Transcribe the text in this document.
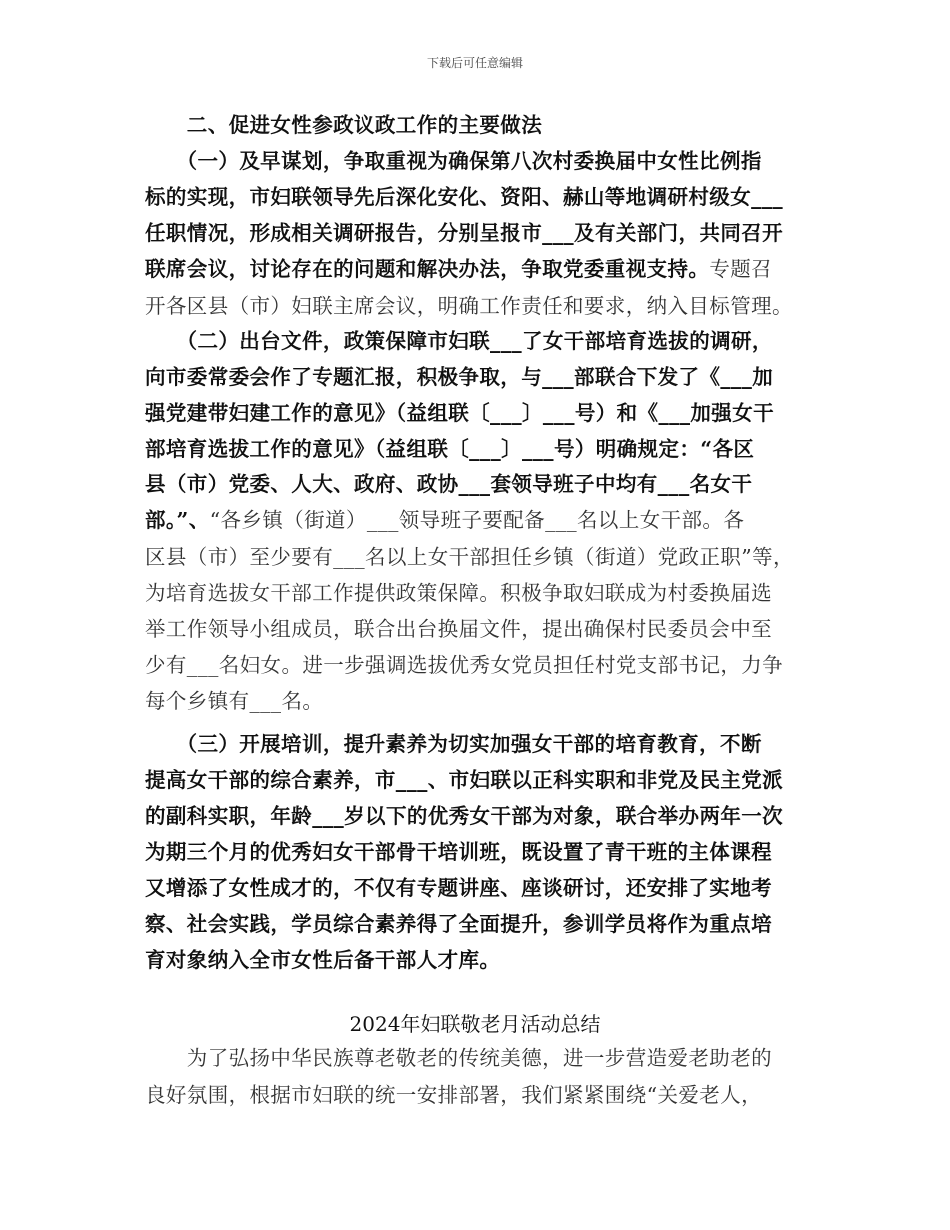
下载后可任意编辑
　　二、促进女性参政议政工作的主要做法
　　（一）及早谋划，争取重视为确保第八次村委换届中女性比例指
标的实现，市妇联领导先后深化安化、资阳、赫山等地调研村级女___
任职情况，形成相关调研报告，分别呈报市___及有关部门，共同召开
联席会议，讨论存在的问题和解决办法，争取党委重视支持。专题召
开各区县（市）妇联主席会议，明确工作责任和要求，纳入目标管理。
　　（二）出台文件，政策保障市妇联___了女干部培育选拔的调研，
向市委常委会作了专题汇报，积极争取，与___部联合下发了《___加
强党建带妇建工作的意见》（益组联〔___〕___号）和《___加强女干
部培育选拔工作的意见》（益组联〔___〕___号）明确规定：“各区
县（市）党委、人大、政府、政协___套领导班子中均有___名女干
部。”、“各乡镇（街道）___领导班子要配备___名以上女干部。各
区县（市）至少要有___名以上女干部担任乡镇（街道）党政正职”等，
为培育选拔女干部工作提供政策保障。积极争取妇联成为村委换届选
举工作领导小组成员，联合出台换届文件，提出确保村民委员会中至
少有___名妇女。进一步强调选拔优秀女党员担任村党支部书记，力争
每个乡镇有___名。
　　（三）开展培训，提升素养为切实加强女干部的培育教育，不断
提高女干部的综合素养，市___、市妇联以正科实职和非党及民主党派
的副科实职，年龄___岁以下的优秀女干部为对象，联合举办两年一次
为期三个月的优秀妇女干部骨干培训班，既设置了青干班的主体课程
又增添了女性成才的，不仅有专题讲座、座谈研讨，还安排了实地考
察、社会实践，学员综合素养得了全面提升，参训学员将作为重点培
育对象纳入全市女性后备干部人才库。
2024年妇联敬老月活动总结
　　为了弘扬中华民族尊老敬老的传统美德，进一步营造爱老助老的
良好氛围，根据市妇联的统一安排部署，我们紧紧围绕“关爱老人，
